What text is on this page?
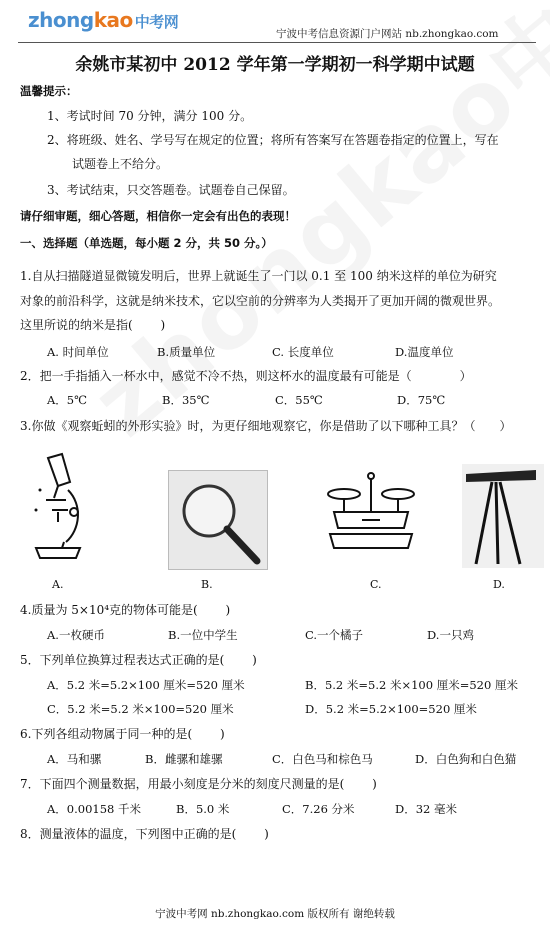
zhongkao 中考网
宁波中考信息资源门户网站 nb.zhongkao.com
余姚市某初中 2012 学年第一学期初一科学期中试题
温馨提示：
1、考试时间 70 分钟，满分 100 分。
2、将班级、姓名、学号写在规定的位置；将所有答案写在答题卷指定的位置上，写在
试题卷上不给分。
3、考试结束，只交答题卷。试题卷自己保留。
请仔细审题，细心答题，相信你一定会有出色的表现！
一、选择题（单选题，每小题 2 分，共 50 分。）
1.自从扫描隧道显微镜发明后，世界上就诞生了一门以 0.1 至 100 纳米这样的单位为研究
对象的前沿科学，这就是纳米技术，它以空前的分辨率为人类揭开了更加开阔的微观世界。
这里所说的纳米是指(　　 )
A. 时间单位	B.质量单位	C. 长度单位	D.温度单位
2．把一手指插入一杯水中，感觉不冷不热，则这杯水的温度最有可能是（　　　　）
A．5℃	B．35℃	C．55℃	D．75℃
3.你做《观察蚯蚓的外形实验》时，为更仔细地观察它，你是借助了以下哪种工具？（　　）
A.	B.	C.	D.
4.质量为 5×10⁴克的物体可能是(　　 )
A.一枚硬币	B.一位中学生	C.一个橘子	D.一只鸡
5．下列单位换算过程表达式正确的是(　　 )
A．5.2 米=5.2×100 厘米=520 厘米	B．5.2 米=5.2 米×100 厘米=520 厘米
C．5.2 米=5.2 米×100=520 厘米	D．5.2 米=5.2×100=520 厘米
6.下列各组动物属于同一种的是(　　 )
A．马和骡	B．雌骡和雄骡	C．白色马和棕色马	D．白色狗和白色猫
7．下面四个测量数据，用最小刻度是分米的刻度尺测量的是(　　 )
A．0.00158 千米	B．5.0 米	C．7.26 分米	D．32 毫米
8．测量液体的温度，下列图中正确的是(　　 )
宁波中考网 nb.zhongkao.com 版权所有 谢绝转载
